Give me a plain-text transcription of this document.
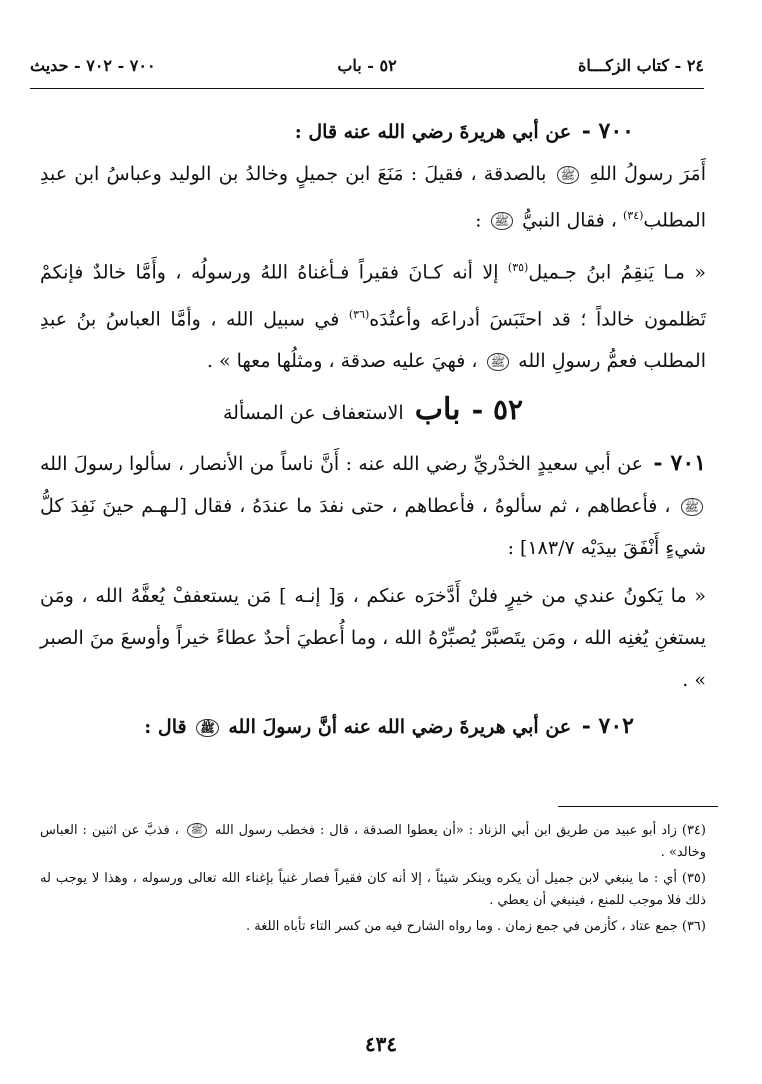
٢٤ - كتاب الزكـــاة
٥٢ - باب
٧٠٠ - ٧٠٢ - حديث

٧٠٠ - عن أبي هريرةَ رضي الله عنه قال :

أَمَرَ رسولُ اللهِ ﷺ بالصدقة ، فقيلَ : مَنَعَ ابن جميلٍ وخالدُ بن الوليد وعباسُ ابن عبدِ المطلب$^{(٣٤)}$ ، فقال النبيُّ ﷺ :

« مـا يَنقِمُ ابنُ جـميل$^{(٣٥)}$ إلا أنه كـانَ فقيراً فـأغناهُ اللهُ ورسولُه ، وأَمَّا خالدٌ فإنكمْ تَظلمون خالداً ؛ قد احتَبَسَ أدراعَه وأعتُدَه$^{(٣٦)}$ في سبيل الله ، وأمَّا العباسُ بنُ عبدِ المطلب فعمُّ رسولِ الله ﷺ ، فهيَ عليه صدقة ، ومثلُها معها » .

٥٢ - باب الاستعفاف عن المسألة

٧٠١ - عن أبي سعيدٍ الخدْريِّ رضي الله عنه : أَنَّ ناساً من الأنصار ، سألوا رسولَ الله ﷺ ، فأعطاهم ، ثم سألوهُ ، فأعطاهم ، حتى نفدَ ما عندَهُ ، فقال [لـهـم حينَ نَفِدَ كلُّ شيءٍ أَنْفَقَ بيدَيْه ١٨٣/٧] :

« ما يَكونُ عندي من خيرٍ فلنْ أَدَّخرَه عنكم ، وَ[ إنـه ] مَن يستعففْ يُعفَّهُ الله ، ومَن يستغنِ يُغنِه الله ، ومَن يتَصبَّرْ يُصبِّرْهُ الله ، وما أُعطيَ أحدٌ عطاءً خيراً وأوسعَ منَ الصبر » .

٧٠٢ - عن أبي هريرةَ رضي الله عنه أنَّ رسولَ الله ﷺ قال :

(٣٤) زاد أبو عبيد من طريق ابن أبي الزناد : «أن يعطوا الصدقة ، قال : فخطب رسول الله ﷺ ، فذبَّ عن اثنين : العباس وخالد» .

(٣٥) أي : ما ينبغي لابن جميل أن يكره وينكر شيئاً ، إلا أنه كان فقيراً فصار غنياً بإغناء الله تعالى ورسوله ، وهذا لا يوجب له ذلك فلا موجب للمنع ، فينبغي أن يعطي .

(٣٦) جمع عتاد ، كأزمن في جمع زمان . وما رواه الشارح فيه من كسر التاء تأباه اللغة .

٤٣٤
